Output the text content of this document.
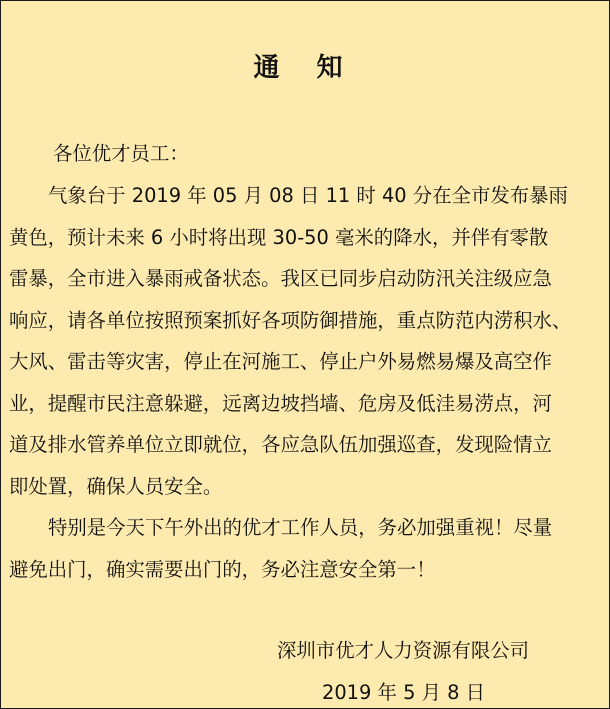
通 知
各位优才员工：
气象台于 2019 年 05 月 08 日 11 时 40 分在全市发布暴雨
黄色，预计未来 6 小时将出现 30-50 毫米的降水，并伴有零散
雷暴，全市进入暴雨戒备状态。我区已同步启动防汛关注级应急
响应，请各单位按照预案抓好各项防御措施，重点防范内涝积水、
大风、雷击等灾害，停止在河施工、停止户外易燃易爆及高空作
业，提醒市民注意躲避，远离边坡挡墙、危房及低洼易涝点，河
道及排水管养单位立即就位，各应急队伍加强巡查，发现险情立
即处置，确保人员安全。
特别是今天下午外出的优才工作人员，务必加强重视！尽量
避免出门，确实需要出门的，务必注意安全第一！
深圳市优才人力资源有限公司
2019 年 5 月 8 日
